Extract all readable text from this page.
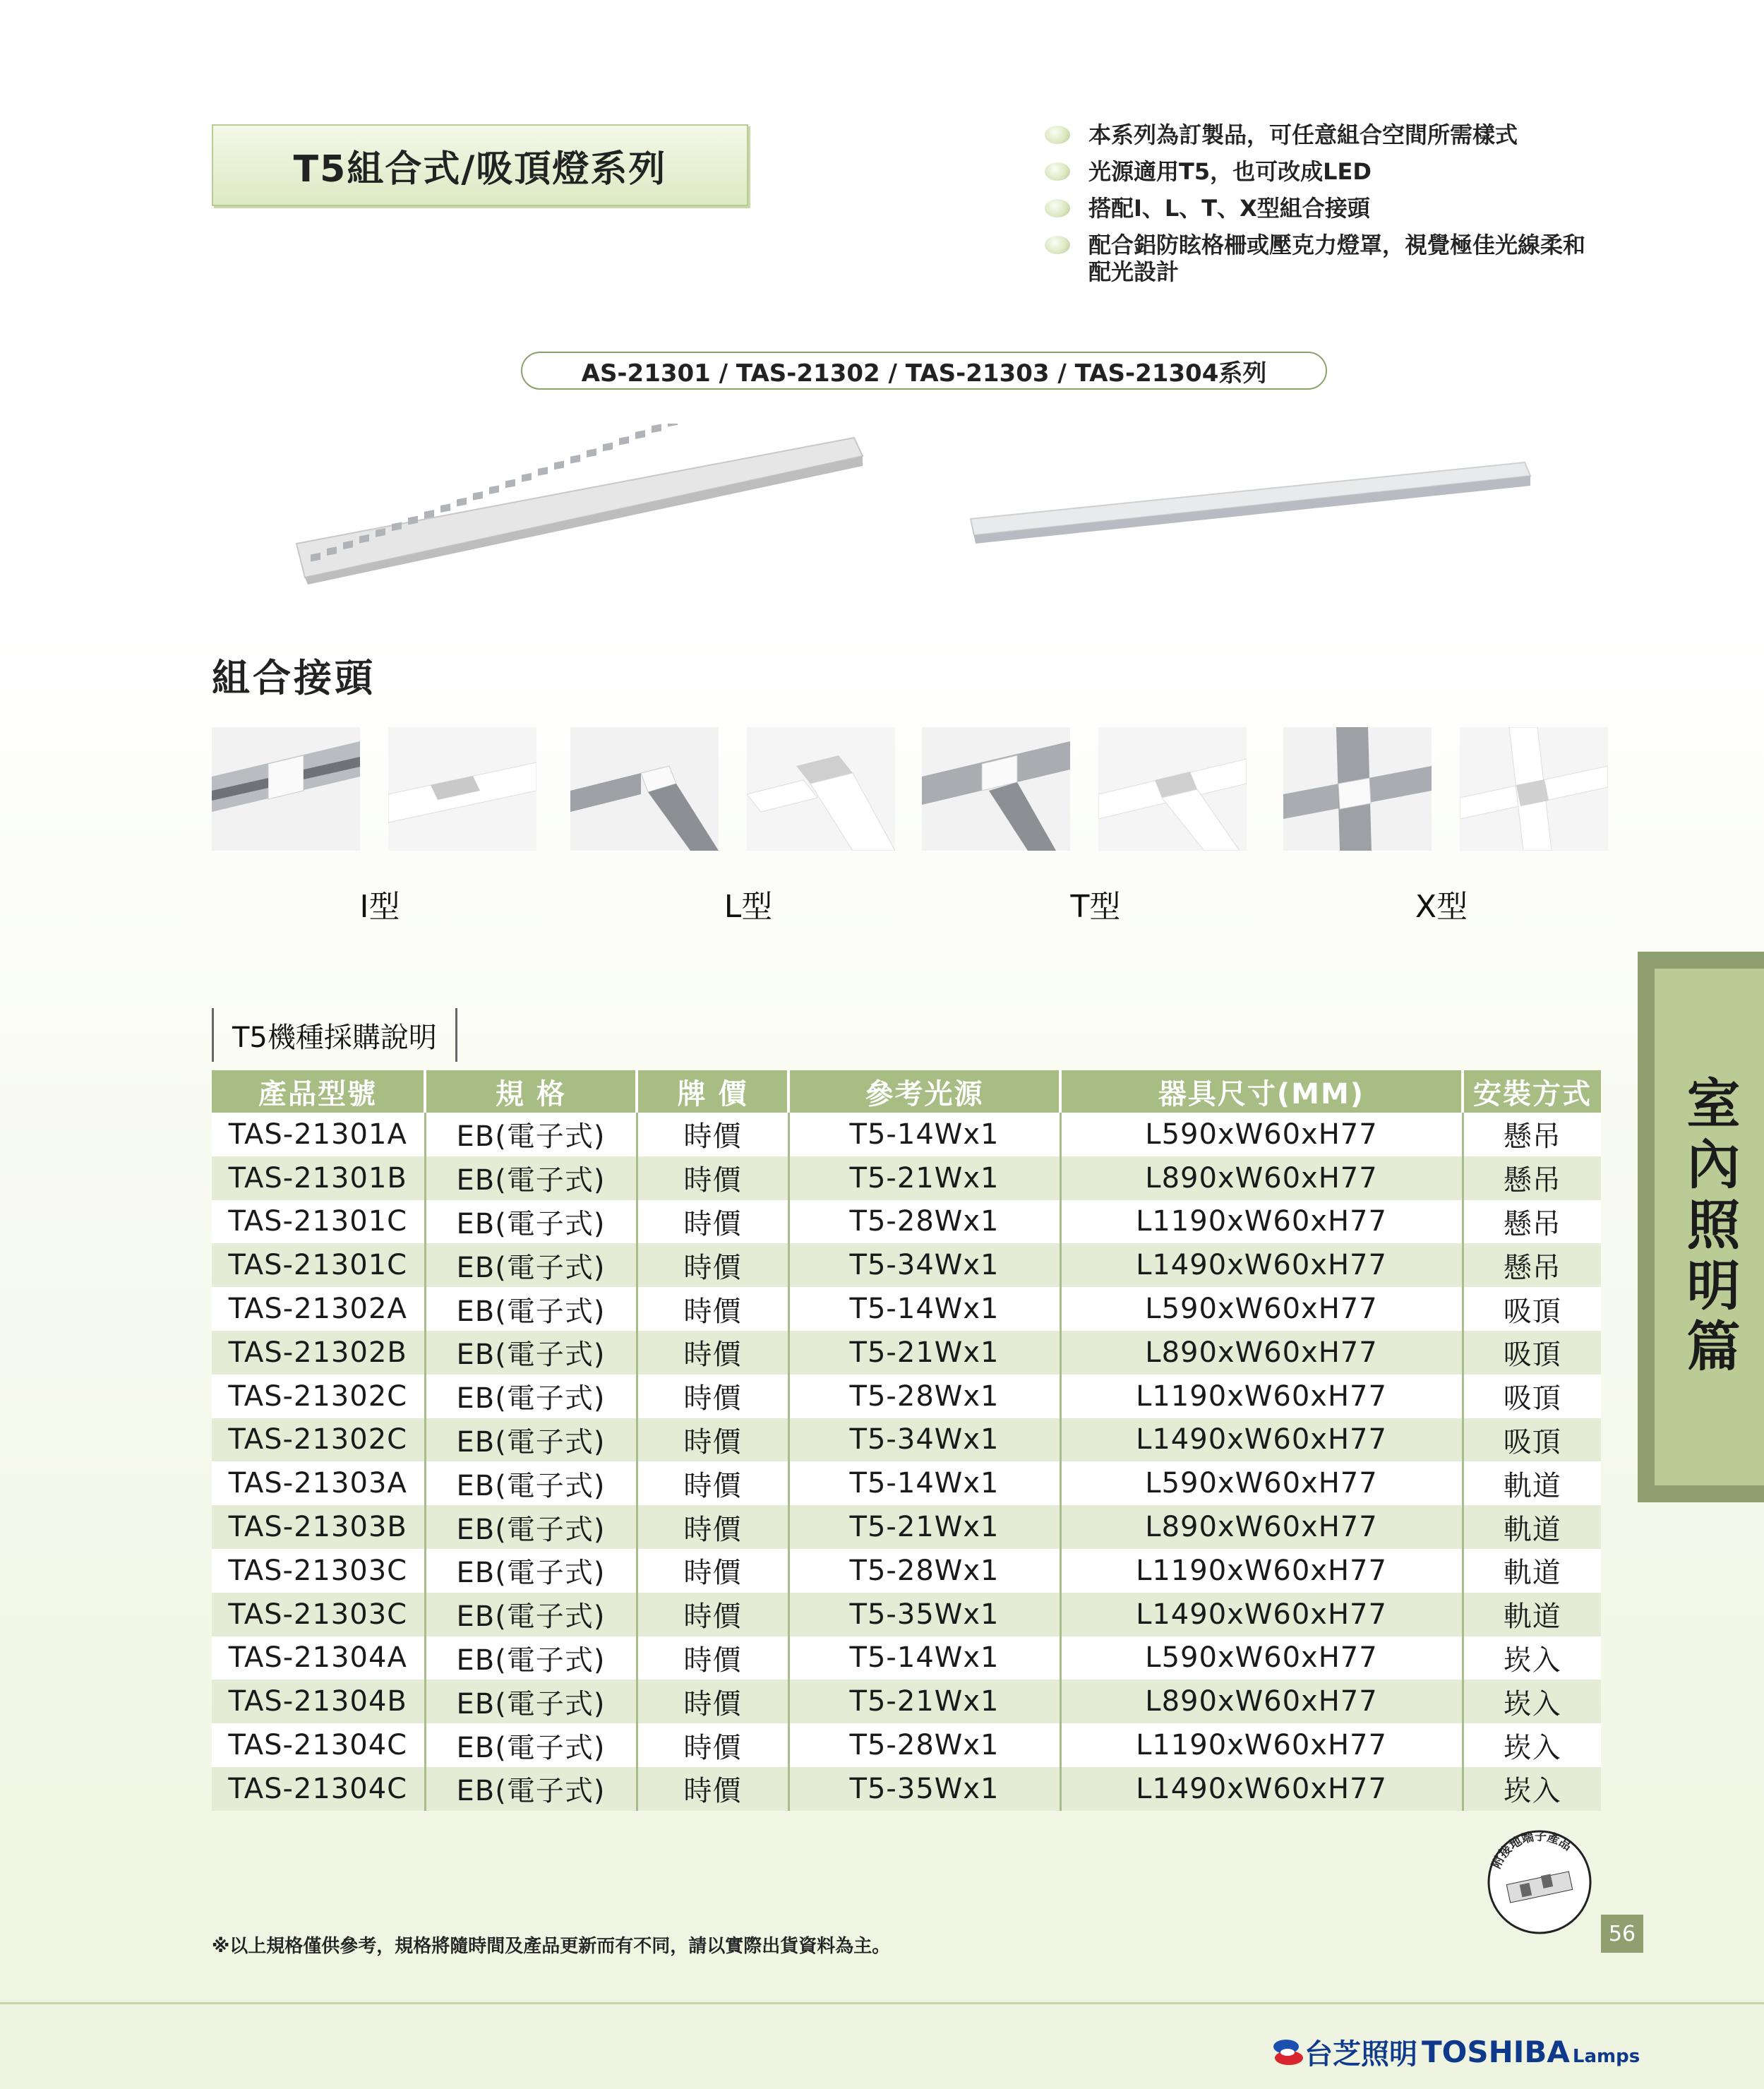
T5組合式/吸頂燈系列
本系列為訂製品，可任意組合空間所需樣式
光源適用T5，也可改成LED
搭配I、L、T、X型組合接頭
配合鋁防眩格柵或壓克力燈罩，視覺極佳光線柔和配光設計
AS-21301 / TAS-21302 / TAS-21303 / TAS-21304系列
組合接頭
I型	L型	T型	X型
T5機種採購說明
產品型號	規 格	牌 價	參考光源	器具尺寸(MM)	安裝方式
TAS-21301A	EB(電子式)	時價	T5-14Wx1	L590xW60xH77	懸吊
TAS-21301B	EB(電子式)	時價	T5-21Wx1	L890xW60xH77	懸吊
TAS-21301C	EB(電子式)	時價	T5-28Wx1	L1190xW60xH77	懸吊
TAS-21301C	EB(電子式)	時價	T5-34Wx1	L1490xW60xH77	懸吊
TAS-21302A	EB(電子式)	時價	T5-14Wx1	L590xW60xH77	吸頂
TAS-21302B	EB(電子式)	時價	T5-21Wx1	L890xW60xH77	吸頂
TAS-21302C	EB(電子式)	時價	T5-28Wx1	L1190xW60xH77	吸頂
TAS-21302C	EB(電子式)	時價	T5-34Wx1	L1490xW60xH77	吸頂
TAS-21303A	EB(電子式)	時價	T5-14Wx1	L590xW60xH77	軌道
TAS-21303B	EB(電子式)	時價	T5-21Wx1	L890xW60xH77	軌道
TAS-21303C	EB(電子式)	時價	T5-28Wx1	L1190xW60xH77	軌道
TAS-21303C	EB(電子式)	時價	T5-35Wx1	L1490xW60xH77	軌道
TAS-21304A	EB(電子式)	時價	T5-14Wx1	L590xW60xH77	崁入
TAS-21304B	EB(電子式)	時價	T5-21Wx1	L890xW60xH77	崁入
TAS-21304C	EB(電子式)	時價	T5-28Wx1	L1190xW60xH77	崁入
TAS-21304C	EB(電子式)	時價	T5-35Wx1	L1490xW60xH77	崁入
附接地端子產品
室內照明篇
※以上規格僅供參考，規格將隨時間及產品更新而有不同，請以實際出貨資料為主。
56
台芝照明 TOSHIBA Lamps
